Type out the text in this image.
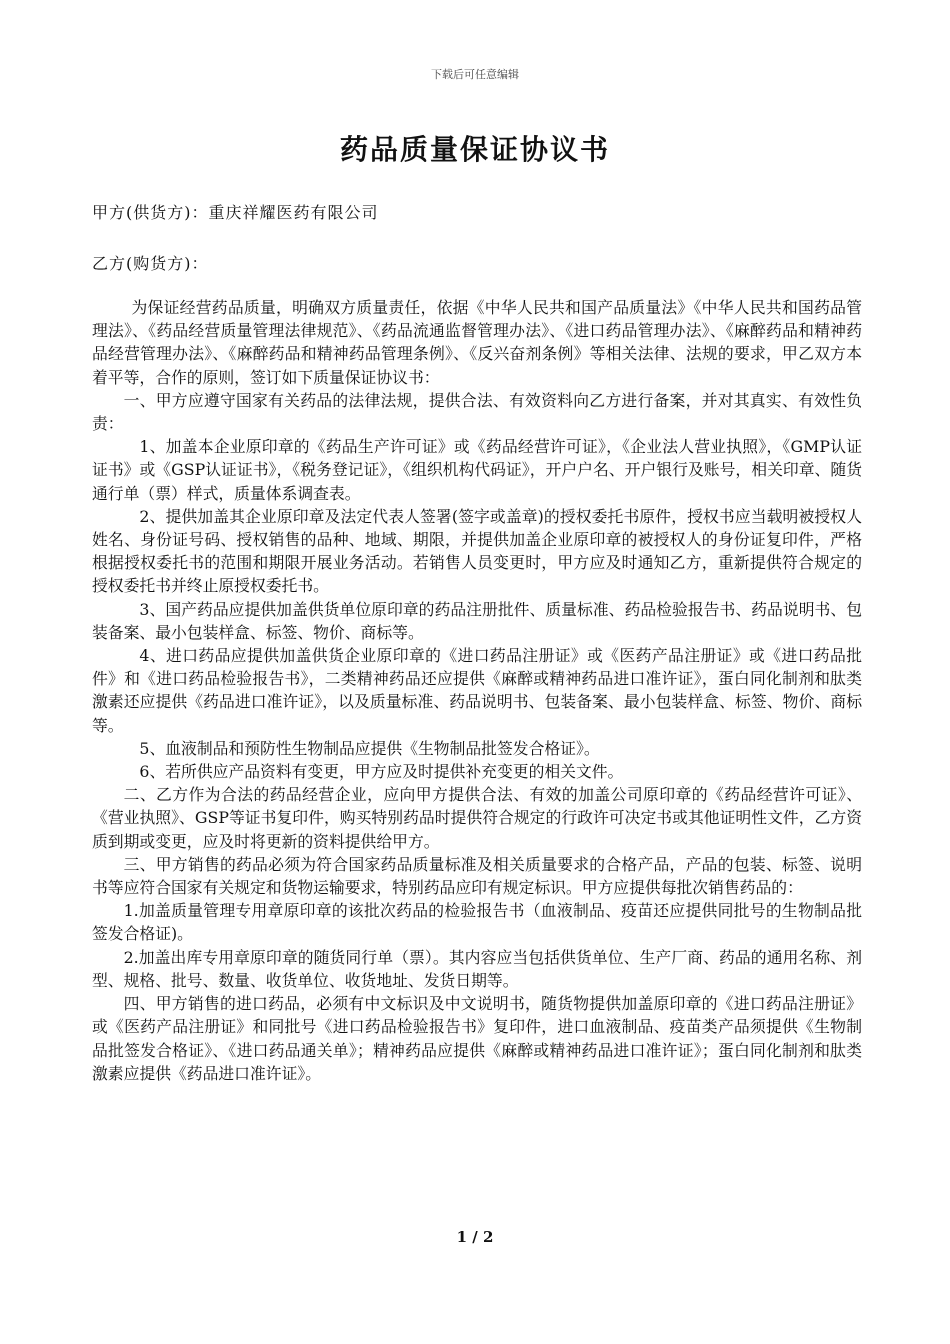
下载后可任意编辑
药品质量保证协议书
甲方(供货方)：重庆祥耀医药有限公司
乙方(购货方)：

为保证经营药品质量，明确双方质量责任，依据《中华人民共和国产品质量法》《中华人民共和国药品管理法》、《药品经营质量管理法律规范》、《药品流通监督管理办法》、《进口药品管理办法》、《麻醉药品和精神药品经营管理办法》、《麻醉药品和精神药品管理条例》、《反兴奋剂条例》等相关法律、法规的要求，甲乙双方本着平等，合作的原则，签订如下质量保证协议书：

一、甲方应遵守国家有关药品的法律法规，提供合法、有效资料向乙方进行备案，并对其真实、有效性负责：

1、加盖本企业原印章的《药品生产许可证》或《药品经营许可证》，《企业法人营业执照》，《GMP认证证书》或《GSP认证证书》，《税务登记证》，《组织机构代码证》，开户户名、开户银行及账号，相关印章、随货通行单（票）样式，质量体系调查表。

2、提供加盖其企业原印章及法定代表人签署(签字或盖章)的授权委托书原件，授权书应当载明被授权人姓名、身份证号码、授权销售的品种、地域、期限，并提供加盖企业原印章的被授权人的身份证复印件，严格根据授权委托书的范围和期限开展业务活动。若销售人员变更时，甲方应及时通知乙方，重新提供符合规定的授权委托书并终止原授权委托书。

3、国产药品应提供加盖供货单位原印章的药品注册批件、质量标准、药品检验报告书、药品说明书、包装备案、最小包装样盒、标签、物价、商标等。

4、进口药品应提供加盖供货企业原印章的《进口药品注册证》或《医药产品注册证》或《进口药品批件》和《进口药品检验报告书》，二类精神药品还应提供《麻醉或精神药品进口准许证》，蛋白同化制剂和肽类激素还应提供《药品进口准许证》，以及质量标准、药品说明书、包装备案、最小包装样盒、标签、物价、商标等。

5、血液制品和预防性生物制品应提供《生物制品批签发合格证》。

6、若所供应产品资料有变更，甲方应及时提供补充变更的相关文件。

二、乙方作为合法的药品经营企业，应向甲方提供合法、有效的加盖公司原印章的《药品经营许可证》、《营业执照》、GSP等证书复印件，购买特别药品时提供符合规定的行政许可决定书或其他证明性文件，乙方资质到期或变更，应及时将更新的资料提供给甲方。

三、甲方销售的药品必须为符合国家药品质量标准及相关质量要求的合格产品，产品的包装、标签、说明书等应符合国家有关规定和货物运输要求，特别药品应印有规定标识。甲方应提供每批次销售药品的：

1.加盖质量管理专用章原印章的该批次药品的检验报告书（血液制品、疫苗还应提供同批号的生物制品批签发合格证)。

2.加盖出库专用章原印章的随货同行单（票）。其内容应当包括供货单位、生产厂商、药品的通用名称、剂型、规格、批号、数量、收货单位、收货地址、发货日期等。

四、甲方销售的进口药品，必须有中文标识及中文说明书，随货物提供加盖原印章的《进口药品注册证》或《医药产品注册证》和同批号《进口药品检验报告书》复印件，进口血液制品、疫苗类产品须提供《生物制品批签发合格证》、《进口药品通关单》；精神药品应提供《麻醉或精神药品进口准许证》；蛋白同化制剂和肽类激素应提供《药品进口准许证》。

1 / 2
